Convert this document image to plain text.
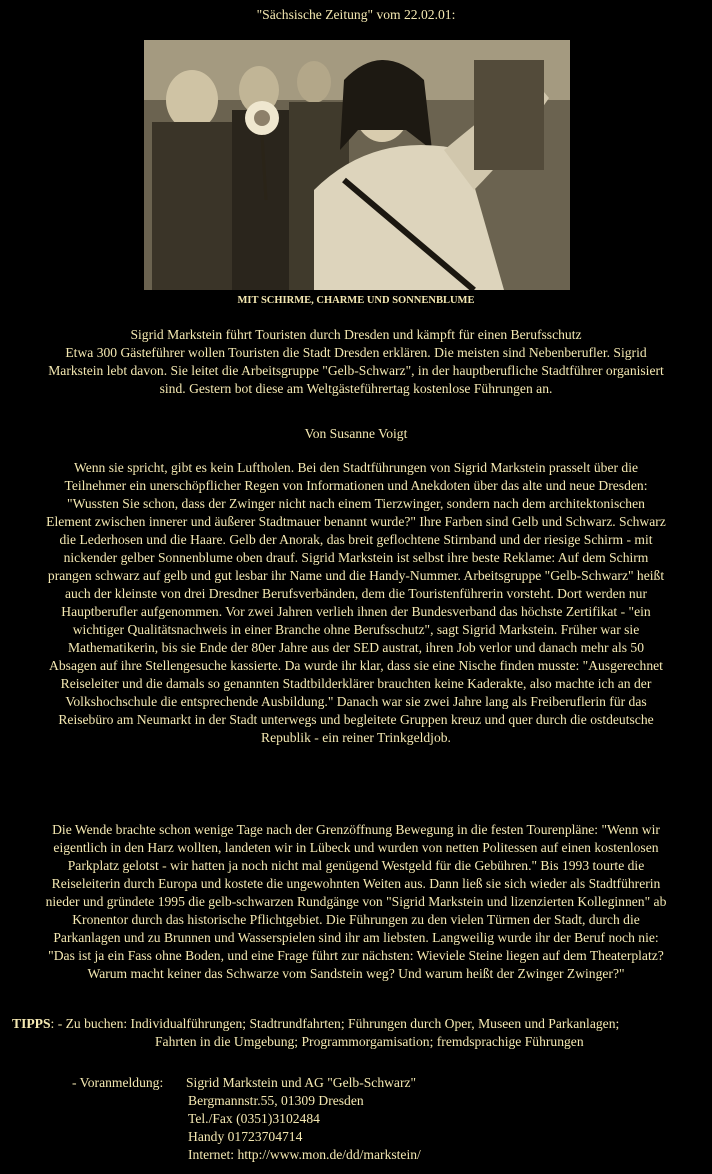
"Sächsische Zeitung" vom 22.02.01:
MIT SCHIRME, CHARME UND SONNENBLUME

Sigrid Markstein führt Touristen durch Dresden und kämpft für einen Berufsschutz

Etwa 300 Gästeführer wollen Touristen die Stadt Dresden erklären. Die meisten sind Nebenberufler. Sigrid

Markstein lebt davon. Sie leitet die Arbeitsgruppe "Gelb-Schwarz", in der hauptberufliche Stadtführer organisiert

sind. Gestern bot diese am Weltgästeführertag kostenlose Führungen an.

Von Susanne Voigt

Wenn sie spricht, gibt es kein Luftholen. Bei den Stadtführungen von Sigrid Markstein prasselt über die

Teilnehmer ein unerschöpflicher Regen von Informationen und Anekdoten über das alte und neue Dresden:

"Wussten Sie schon, dass der Zwinger nicht nach einem Tierzwinger, sondern nach dem architektonischen

Element zwischen innerer und äußerer Stadtmauer benannt wurde?" Ihre Farben sind Gelb und Schwarz. Schwarz

die Lederhosen und die Haare. Gelb der Anorak, das breit geflochtene Stirnband und der riesige Schirm - mit

nickender gelber Sonnenblume oben drauf. Sigrid Markstein ist selbst ihre beste Reklame: Auf dem Schirm

prangen schwarz auf gelb und gut lesbar ihr Name und die Handy-Nummer. Arbeitsgruppe "Gelb-Schwarz" heißt

auch der kleinste von drei Dresdner Berufsverbänden, dem die Touristenführerin vorsteht. Dort werden nur

Hauptberufler aufgenommen. Vor zwei Jahren verlieh ihnen der Bundesverband das höchste Zertifikat - "ein

wichtiger Qualitätsnachweis in einer Branche ohne Berufsschutz", sagt Sigrid Markstein. Früher war sie

Mathematikerin, bis sie Ende der 80er Jahre aus der SED austrat, ihren Job verlor und danach mehr als 50

Absagen auf ihre Stellengesuche kassierte. Da wurde ihr klar, dass sie eine Nische finden musste: "Ausgerechnet

Reiseleiter und die damals so genannten Stadtbilderklärer brauchten keine Kaderakte, also machte ich an der

Volkshochschule die entsprechende Ausbildung." Danach war sie zwei Jahre lang als Freiberuflerin für das

Reisebüro am Neumarkt in der Stadt unterwegs und begleitete Gruppen kreuz und quer durch die ostdeutsche

Republik - ein reiner Trinkgeldjob.

Die Wende brachte schon wenige Tage nach der Grenzöffnung Bewegung in die festen Tourenpläne: "Wenn wir

eigentlich in den Harz wollten, landeten wir in Lübeck und wurden von netten Politessen auf einen kostenlosen

Parkplatz gelotst - wir hatten ja noch nicht mal genügend Westgeld für die Gebühren." Bis 1993 tourte die

Reiseleiterin durch Europa und kostete die ungewohnten Weiten aus. Dann ließ sie sich wieder als Stadtführerin

nieder und gründete 1995 die gelb-schwarzen Rundgänge von "Sigrid Markstein und lizenzierten Kolleginnen" ab

Kronentor durch das historische Pflichtgebiet. Die Führungen zu den vielen Türmen der Stadt, durch die

Parkanlagen und zu Brunnen und Wasserspielen sind ihr am liebsten. Langweilig wurde ihr der Beruf noch nie:

"Das ist ja ein Fass ohne Boden, und eine Frage führt zur nächsten: Wieviele Steine liegen auf dem Theaterplatz?

Warum macht keiner das Schwarze vom Sandstein weg? Und warum heißt der Zwinger Zwinger?"

TIPPS: - Zu buchen: Individualführungen; Stadtrundfahrten; Führungen durch Oper, Museen und Parkanlagen;

Fahrten in die Umgebung; Programmorgamisation; fremdsprachige Führungen

- Voranmeldung:	Sigrid Markstein und AG "Gelb-Schwarz"

Bergmannstr.55, 01309 Dresden

Tel./Fax (0351)3102484

Handy 01723704714

Internet: http://www.mon.de/dd/markstein/
